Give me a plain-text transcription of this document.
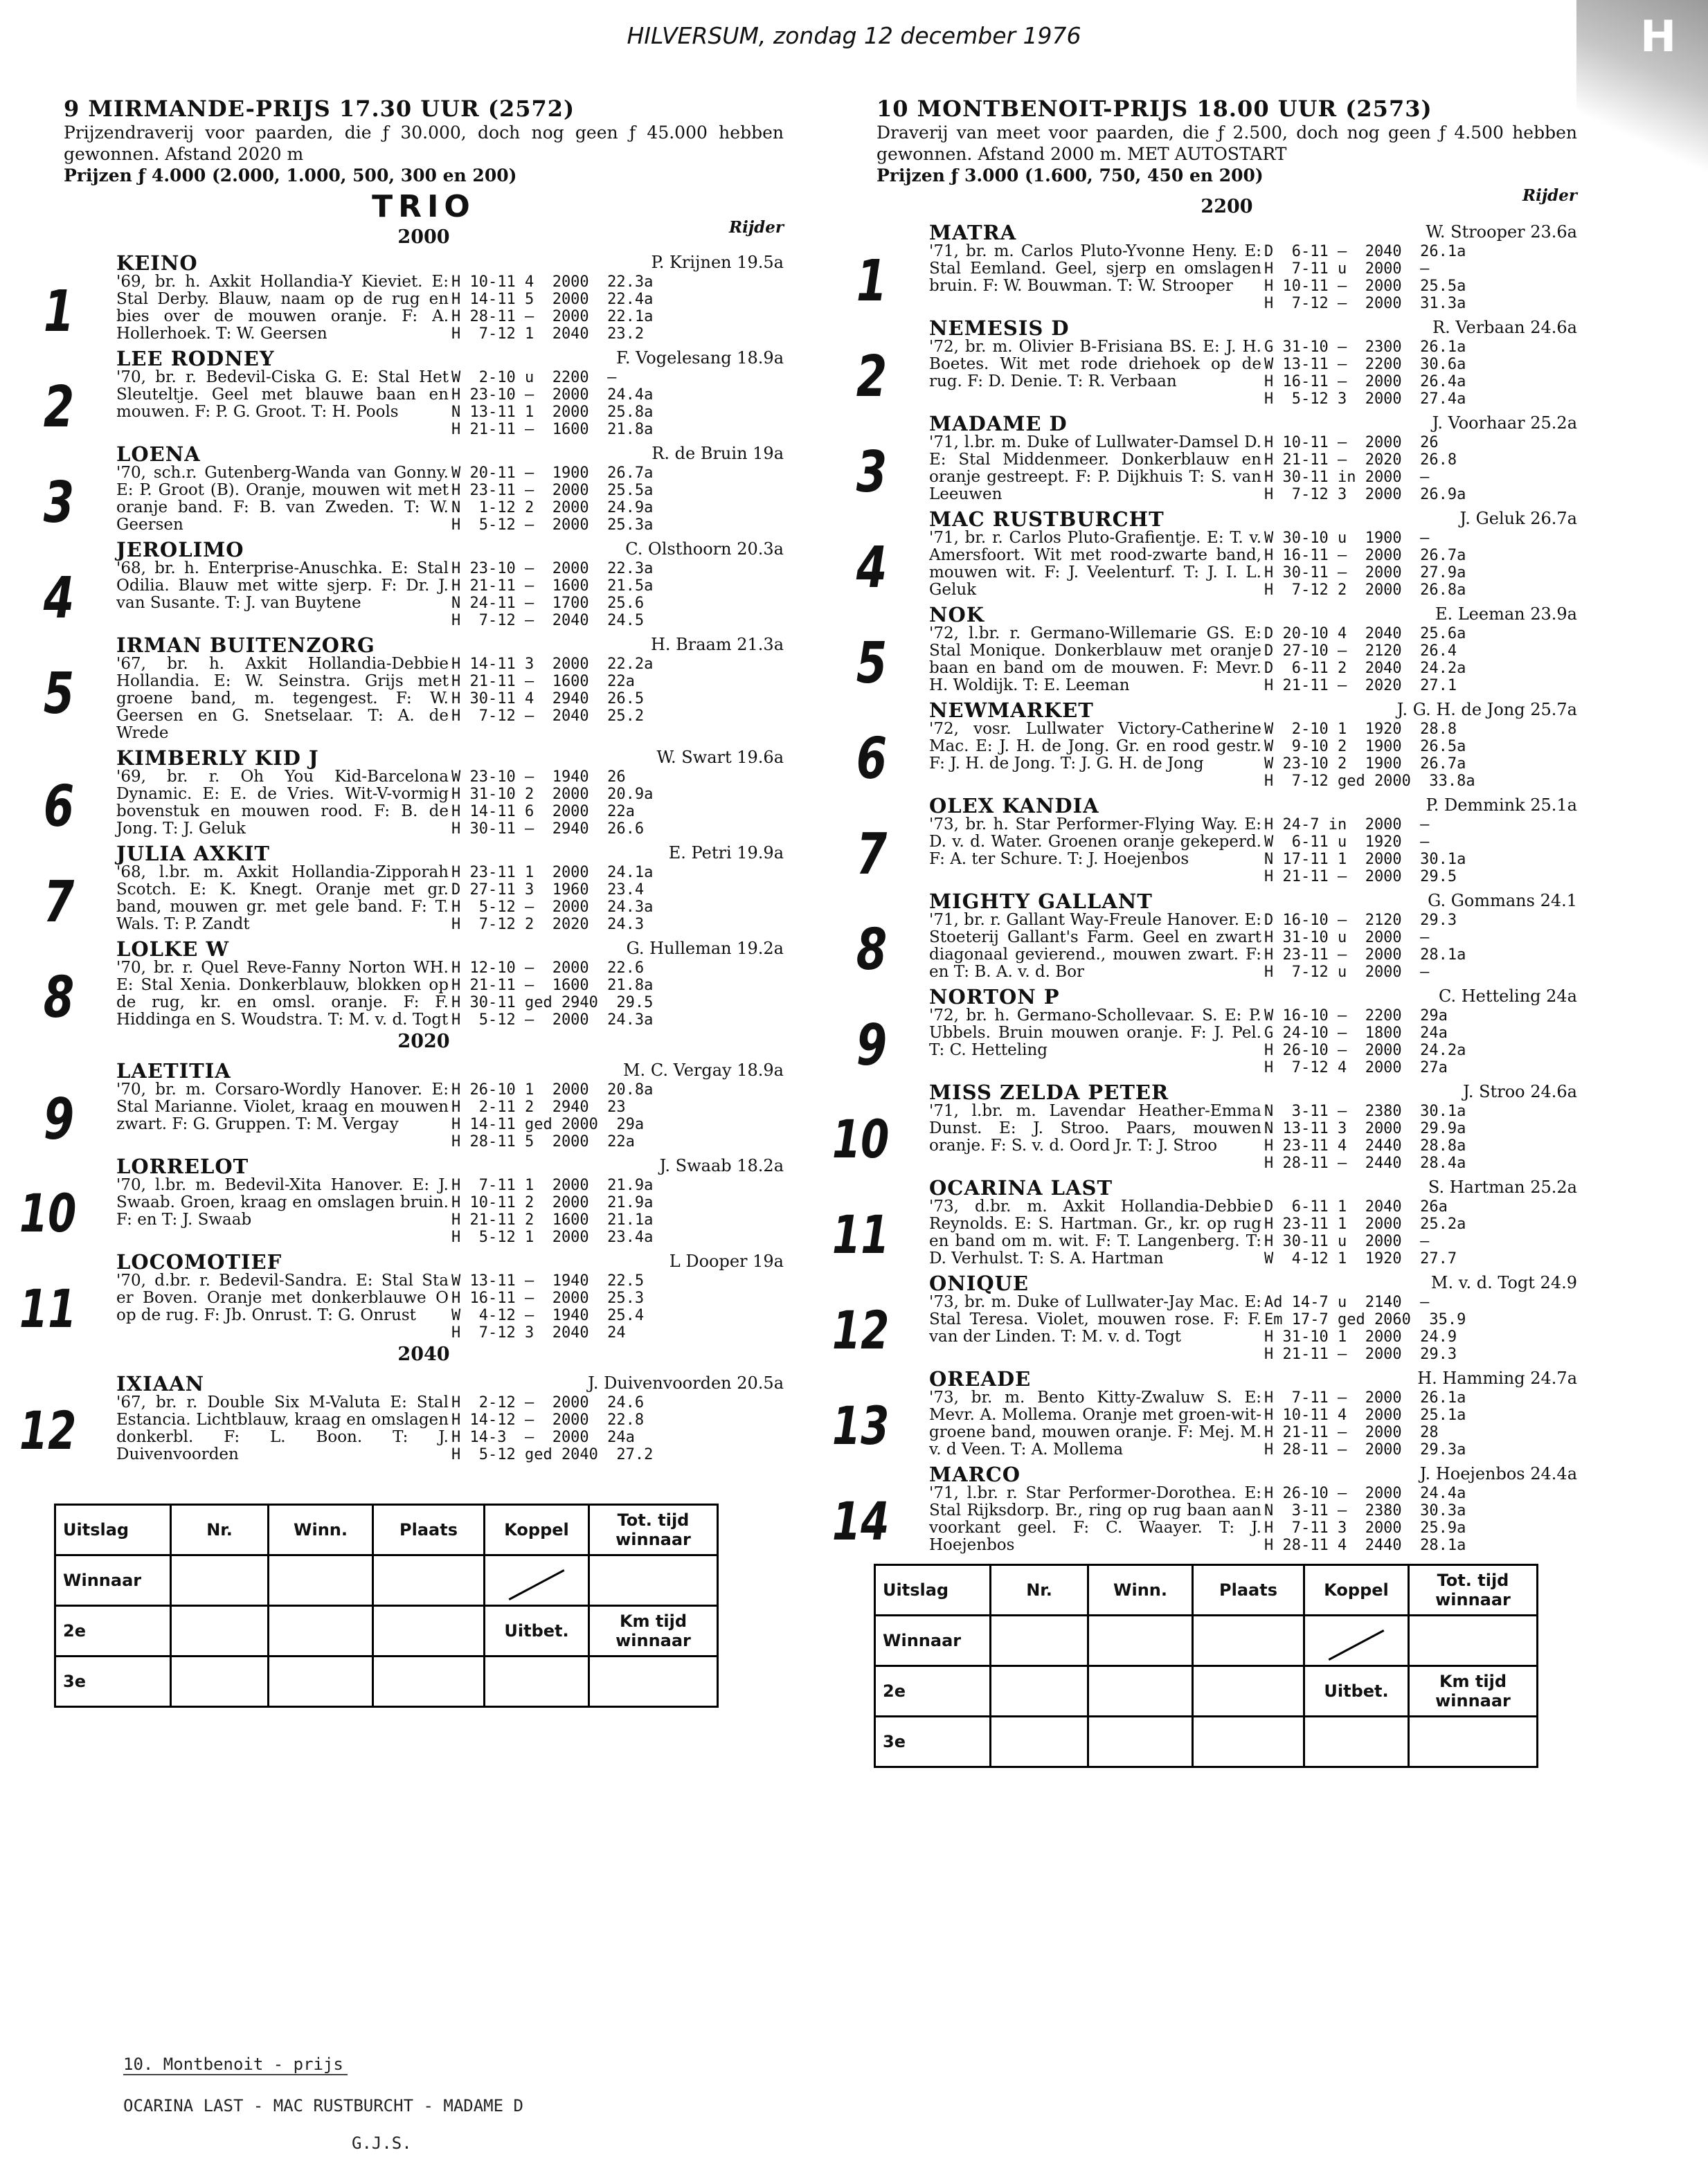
H
HILVERSUM, zondag 12 december 1976
9 MIRMANDE-PRIJS 17.30 UUR (2572)
Prijzendraverij voor paarden, die ƒ 30.000, doch nog geen ƒ 45.000 hebben gewonnen. Afstand 2020 m
Prijzen ƒ 4.000 (2.000, 1.000, 500, 300 en 200)
TRIO
2000	Rijder
1
KEINO	P. Krijnen 19.5a
'69, br. h. Axkit Hollandia-Y Kieviet. E: Stal Derby. Blauw, naam op de rug en bies over de mouwen oranje. F: A. Hollerhoek. T: W. Geersen
H 10-11 4  2000  22.3a
H 14-11 5  2000  22.4a
H 28-11 —  2000  22.1a
H  7-12 1  2040  23.2
2
LEE RODNEY	F. Vogelesang 18.9a
'70, br. r. Bedevil-Ciska G. E: Stal Het Sleuteltje. Geel met blauwe baan en mouwen. F: P. G. Groot. T: H. Pools
W  2-10 u  2200  —
H 23-10 —  2000  24.4a
N 13-11 1  2000  25.8a
H 21-11 —  1600  21.8a
3
LOENA	R. de Bruin 19a
'70, sch.r. Gutenberg-Wanda van Gonny. E: P. Groot (B). Oranje, mouwen wit met oranje band. F: B. van Zweden. T: W. Geersen
W 20-11 —  1900  26.7a
H 23-11 —  2000  25.5a
N  1-12 2  2000  24.9a
H  5-12 —  2000  25.3a
4
JEROLIMO	C. Olsthoorn 20.3a
'68, br. h. Enterprise-Anuschka. E: Stal Odilia. Blauw met witte sjerp. F: Dr. J. van Susante. T: J. van Buytene
H 23-10 —  2000  22.3a
H 21-11 —  1600  21.5a
N 24-11 —  1700  25.6
H  7-12 —  2040  24.5
5
IRMAN BUITENZORG	H. Braam 21.3a
'67, br. h. Axkit Hollandia-Debbie Hollandia. E: W. Seinstra. Grijs met groene band, m. tegengest. F: W. Geersen en G. Snetselaar. T: A. de Wrede
H 14-11 3  2000  22.2a
H 21-11 —  1600  22a
H 30-11 4  2940  26.5
H  7-12 —  2040  25.2
6
KIMBERLY KID J	W. Swart 19.6a
'69, br. r. Oh You Kid-Barcelona Dynamic. E: E. de Vries. Wit-V-vormig bovenstuk en mouwen rood. F: B. de Jong. T: J. Geluk
W 23-10 —  1940  26
H 31-10 2  2000  20.9a
H 14-11 6  2000  22a
H 30-11 —  2940  26.6
7
JULIA AXKIT	E. Petri 19.9a
'68, l.br. m. Axkit Hollandia-Zipporah Scotch. E: K. Knegt. Oranje met gr. band, mouwen gr. met gele band. F: T. Wals. T: P. Zandt
H 23-11 1  2000  24.1a
D 27-11 3  1960  23.4
H  5-12 —  2000  24.3a
H  7-12 2  2020  24.3
8
LOLKE W	G. Hulleman 19.2a
'70, br. r. Quel Reve-Fanny Norton WH. E: Stal Xenia. Donkerblauw, blokken op de rug, kr. en omsl. oranje. F: F. Hiddinga en S. Woudstra. T: M. v. d. Togt
H 12-10 —  2000  22.6
H 21-11 —  1600  21.8a
H 30-11 ged 2940  29.5
H  5-12 —  2000  24.3a
2020
9
LAETITIA	M. C. Vergay 18.9a
'70, br. m. Corsaro-Wordly Hanover. E: Stal Marianne. Violet, kraag en mouwen zwart. F: G. Gruppen. T: M. Vergay
H 26-10 1  2000  20.8a
H  2-11 2  2940  23
H 14-11 ged 2000  29a
H 28-11 5  2000  22a
10
LORRELOT	J. Swaab 18.2a
'70, l.br. m. Bedevil-Xita Hanover. E: J. Swaab. Groen, kraag en omslagen bruin. F: en T: J. Swaab
H  7-11 1  2000  21.9a
H 10-11 2  2000  21.9a
H 21-11 2  1600  21.1a
H  5-12 1  2000  23.4a
11
LOCOMOTIEF	L Dooper 19a
'70, d.br. r. Bedevil-Sandra. E: Stal Sta er Boven. Oranje met donkerblauwe O op de rug. F: Jb. Onrust. T: G. Onrust
W 13-11 —  1940  22.5
H 16-11 —  2000  25.3
W  4-12 —  1940  25.4
H  7-12 3  2040  24
2040
12
IXIAAN	J. Duivenvoorden 20.5a
'67, br. r. Double Six M-Valuta E: Stal Estancia. Lichtblauw, kraag en omslagen donkerbl. F: L. Boon. T: J. Duivenvoorden
H  2-12 —  2000  24.6
H 14-12 —  2000  22.8
H 14-3  —  2000  24a
H  5-12 ged 2040  27.2
Uitslag	Nr.	Winn.	Plaats	Koppel	Tot. tijd winnaar
Winnaar					
2e				Uitbet.	Km tijd winnaar
3e					
10 MONTBENOIT-PRIJS 18.00 UUR (2573)
Draverij van meet voor paarden, die ƒ 2.500, doch nog geen ƒ 4.500 hebben gewonnen. Afstand 2000 m. MET AUTOSTART
Prijzen ƒ 3.000 (1.600, 750, 450 en 200)
Rijder
2200
1
MATRA	W. Strooper 23.6a
'71, br. m. Carlos Pluto-Yvonne Heny. E: Stal Eemland. Geel, sjerp en omslagen bruin. F: W. Bouwman. T: W. Strooper
D  6-11 —  2040  26.1a
H  7-11 u  2000  —
H 10-11 —  2000  25.5a
H  7-12 —  2000  31.3a
2
NEMESIS D	R. Verbaan 24.6a
'72, br. m. Olivier B-Frisiana BS. E: J. H. Boetes. Wit met rode driehoek op de rug. F: D. Denie. T: R. Verbaan
G 31-10 —  2300  26.1a
W 13-11 —  2200  30.6a
H 16-11 —  2000  26.4a
H  5-12 3  2000  27.4a
3
MADAME D	J. Voorhaar 25.2a
'71, l.br. m. Duke of Lullwater-Damsel D. E: Stal Middenmeer. Donkerblauw en oranje gestreept. F: P. Dijkhuis T: S. van Leeuwen
H 10-11 —  2000  26
H 21-11 —  2020  26.8
H 30-11 in 2000  —
H  7-12 3  2000  26.9a
4
MAC RUSTBURCHT	J. Geluk 26.7a
'71, br. r. Carlos Pluto-Grafientje. E: T. v. Amersfoort. Wit met rood-zwarte band, mouwen wit. F: J. Veelenturf. T: J. I. L. Geluk
W 30-10 u  1900  —
H 16-11 —  2000  26.7a
H 30-11 —  2000  27.9a
H  7-12 2  2000  26.8a
5
NOK	E. Leeman 23.9a
'72, l.br. r. Germano-Willemarie GS. E: Stal Monique. Donkerblauw met oranje baan en band om de mouwen. F: Mevr. H. Woldijk. T: E. Leeman
D 20-10 4  2040  25.6a
D 27-10 —  2120  26.4
D  6-11 2  2040  24.2a
H 21-11 —  2020  27.1
6
NEWMARKET	J. G. H. de Jong 25.7a
'72, vosr. Lullwater Victory-Catherine Mac. E: J. H. de Jong. Gr. en rood gestr. F: J. H. de Jong. T: J. G. H. de Jong
W  2-10 1  1920  28.8
W  9-10 2  1900  26.5a
W 23-10 2  1900  26.7a
H  7-12 ged 2000  33.8a
7
OLEX KANDIA	P. Demmink 25.1a
'73, br. h. Star Performer-Flying Way. E: D. v. d. Water. Groenen oranje gekeperd. F: A. ter Schure. T: J. Hoejenbos
H 24-7 in  2000  —
W  6-11 u  1920  —
N 17-11 1  2000  30.1a
H 21-11 —  2000  29.5
8
MIGHTY GALLANT	G. Gommans 24.1
'71, br. r. Gallant Way-Freule Hanover. E: Stoeterij Gallant's Farm. Geel en zwart diagonaal gevierend., mouwen zwart. F: en T: B. A. v. d. Bor
D 16-10 —  2120  29.3
H 31-10 u  2000  —
H 23-11 —  2000  28.1a
H  7-12 u  2000  —
9
NORTON P	C. Hetteling 24a
'72, br. h. Germano-Schollevaar. S. E: P. Ubbels. Bruin mouwen oranje. F: J. Pel. T: C. Hetteling
W 16-10 —  2200  29a
G 24-10 —  1800  24a
H 26-10 —  2000  24.2a
H  7-12 4  2000  27a
10
MISS ZELDA PETER	J. Stroo 24.6a
'71, l.br. m. Lavendar Heather-Emma Dunst. E: J. Stroo. Paars, mouwen oranje. F: S. v. d. Oord Jr. T: J. Stroo
N  3-11 —  2380  30.1a
N 13-11 3  2000  29.9a
H 23-11 4  2440  28.8a
H 28-11 —  2440  28.4a
11
OCARINA LAST	S. Hartman 25.2a
'73, d.br. m. Axkit Hollandia-Debbie Reynolds. E: S. Hartman. Gr., kr. op rug en band om m. wit. F: T. Langenberg. T: D. Verhulst. T: S. A. Hartman
D  6-11 1  2040  26a
H 23-11 1  2000  25.2a
H 30-11 u  2000  —
W  4-12 1  1920  27.7
12
ONIQUE	M. v. d. Togt 24.9
'73, br. m. Duke of Lullwater-Jay Mac. E: Stal Teresa. Violet, mouwen rose. F: F. van der Linden. T: M. v. d. Togt
Ad 14-7 u  2140  —
Em 17-7 ged 2060  35.9
H 31-10 1  2000  24.9
H 21-11 —  2000  29.3
13
OREADE	H. Hamming 24.7a
'73, br. m. Bento Kitty-Zwaluw S. E: Mevr. A. Mollema. Oranje met groen-wit-groene band, mouwen oranje. F: Mej. M. v. d Veen. T: A. Mollema
H  7-11 —  2000  26.1a
H 10-11 4  2000  25.1a
H 21-11 —  2000  28
H 28-11 —  2000  29.3a
14
MARCO	J. Hoejenbos 24.4a
'71, l.br. r. Star Performer-Dorothea. E: Stal Rijksdorp. Br., ring op rug baan aan voorkant geel. F: C. Waayer. T: J. Hoejenbos
H 26-10 —  2000  24.4a
N  3-11 —  2380  30.3a
H  7-11 3  2000  25.9a
H 28-11 4  2440  28.1a
Uitslag	Nr.	Winn.	Plaats	Koppel	Tot. tijd winnaar
Winnaar					
2e				Uitbet.	Km tijd winnaar
3e					
10. Montbenoit - prijs
OCARINA LAST - MAC RUSTBURCHT - MADAME D
G.J.S.
